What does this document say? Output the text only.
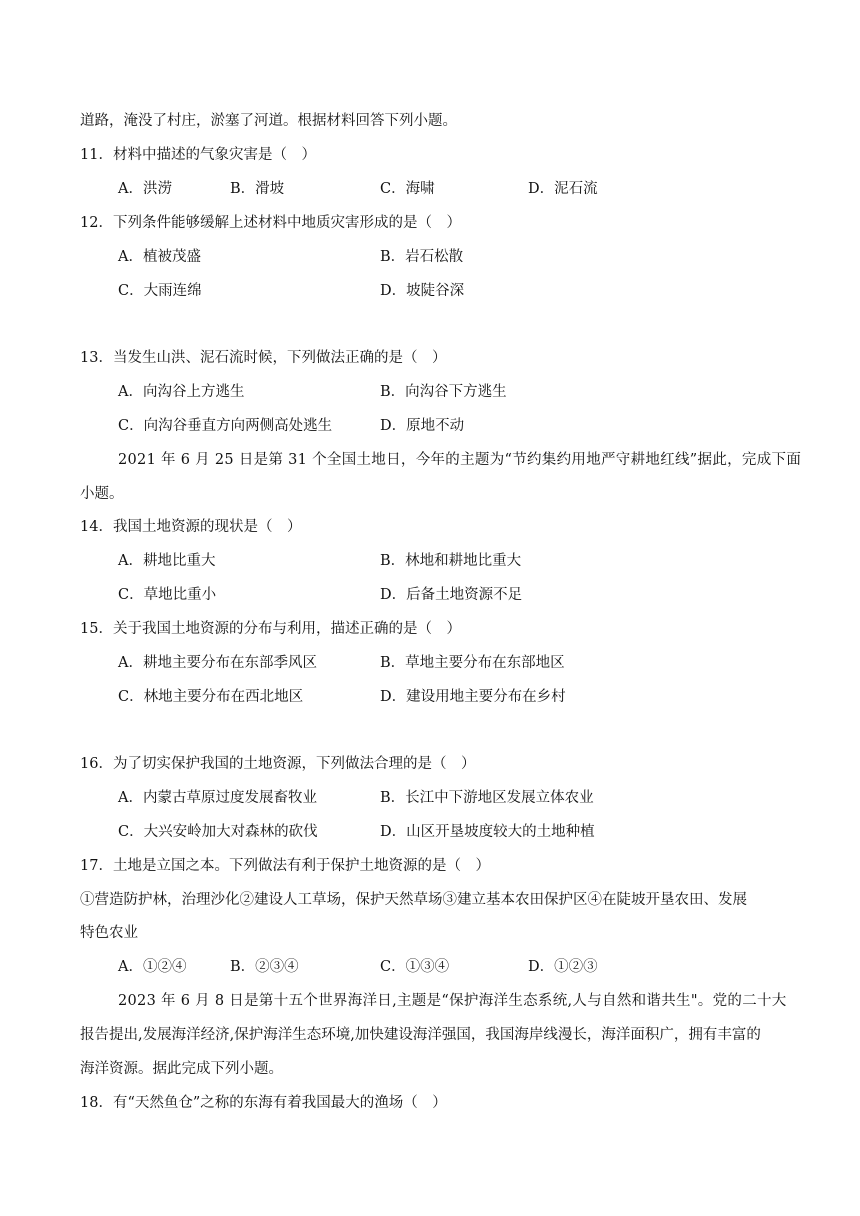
道路，淹没了村庄，淤塞了河道。根据材料回答下列小题。
11．材料中描述的气象灾害是（　）
A．洪涝	B．滑坡	C．海啸	D．泥石流
12．下列条件能够缓解上述材料中地质灾害形成的是（　）
A．植被茂盛	B．岩石松散
C．大雨连绵	D．坡陡谷深
13．当发生山洪、泥石流时候，下列做法正确的是（　）
A．向沟谷上方逃生	B．向沟谷下方逃生
C．向沟谷垂直方向两侧高处逃生	D．原地不动
2021 年 6 月 25 日是第 31 个全国土地日，今年的主题为“节约集约用地严守耕地红线”据此，完成下面
小题。
14．我国土地资源的现状是（　）
A．耕地比重大	B．林地和耕地比重大
C．草地比重小	D．后备土地资源不足
15．关于我国土地资源的分布与利用，描述正确的是（　）
A．耕地主要分布在东部季风区	B．草地主要分布在东部地区
C．林地主要分布在西北地区	D．建设用地主要分布在乡村
16．为了切实保护我国的土地资源，下列做法合理的是（　）
A．内蒙古草原过度发展畜牧业	B．长江中下游地区发展立体农业
C．大兴安岭加大对森林的砍伐	D．山区开垦坡度较大的土地种植
17．土地是立国之本。下列做法有利于保护土地资源的是（　）
①营造防护林，治理沙化②建设人工草场，保护天然草场③建立基本农田保护区④在陡坡开垦农田、发展
特色农业
A．①②④	B．②③④	C．①③④	D．①②③
2023 年 6 月 8 日是第十五个世界海洋日,主题是“保护海洋生态系统,人与自然和谐共生"。党的二十大
报告提出,发展海洋经济,保护海洋生态环境,加快建设海洋强国，我国海岸线漫长，海洋面积广，拥有丰富的
海洋资源。据此完成下列小题。
18．有“天然鱼仓”之称的东海有着我国最大的渔场（　）
